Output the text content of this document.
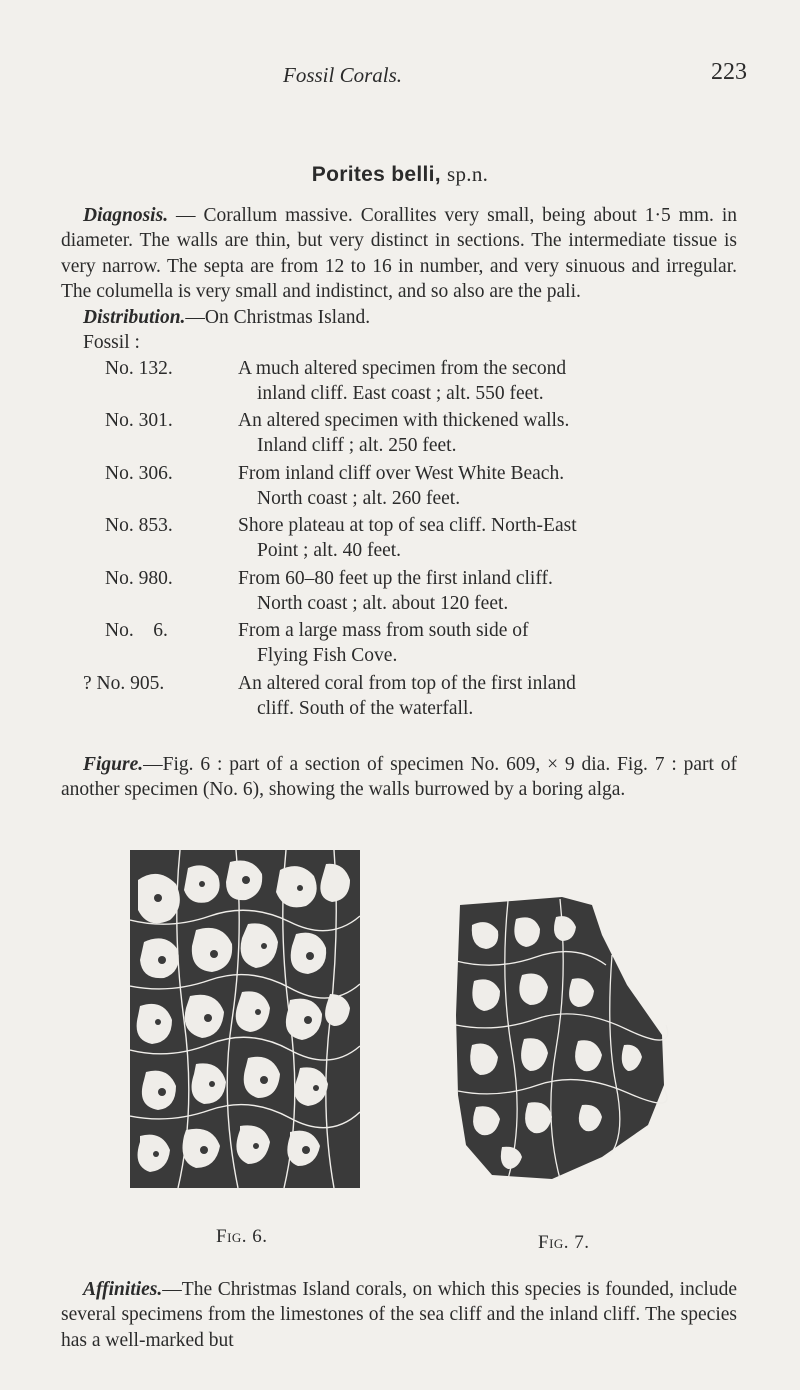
Fossil Corals.	223
Porites belli, sp.n.

Diagnosis. — Corallum massive. Corallites very small, being about 1·5 mm. in diameter. The walls are thin, but very distinct in sections. The intermediate tissue is very narrow. The septa are from 12 to 16 in number, and very sinuous and irregular. The columella is very small and indistinct, and so also are the pali.

Distribution.—On Christmas Island.

Fossil :
No. 132.	A much altered specimen from the second
inland cliff. East coast ; alt. 550 feet.
No. 301.	An altered specimen with thickened walls.
Inland cliff ; alt. 250 feet.
No. 306.	From inland cliff over West White Beach.
North coast ; alt. 260 feet.
No. 853.	Shore plateau at top of sea cliff. North-East
Point ; alt. 40 feet.
No. 980.	From 60–80 feet up the first inland cliff.
North coast ; alt. about 120 feet.
No.    6.	From a large mass from south side of
Flying Fish Cove.
? No. 905.	An altered coral from top of the first inland
cliff. South of the waterfall.

Figure.—Fig. 6 : part of a section of specimen No. 609, × 9 dia. Fig. 7 : part of another specimen (No. 6), showing the walls burrowed by a boring alga.

Fig. 6.	Fig. 7.

Affinities.—The Christmas Island corals, on which this species is founded, include several specimens from the limestones of the sea cliff and the inland cliff. The species has a well-marked but
